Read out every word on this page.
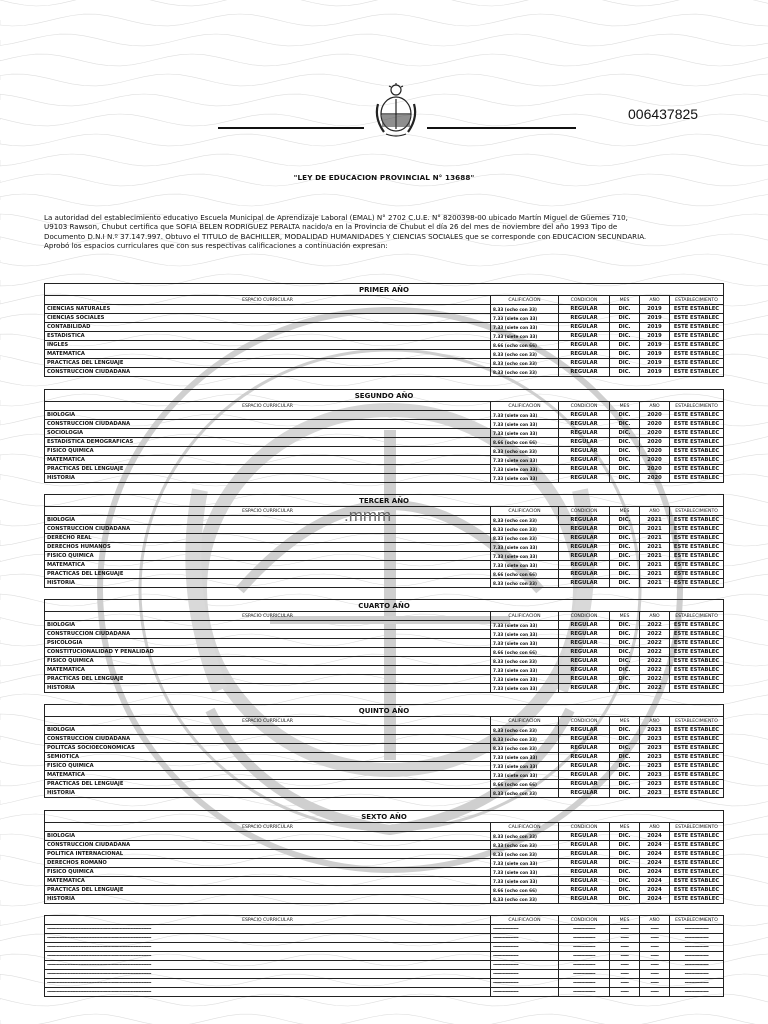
006437825
"LEY DE EDUCACION PROVINCIAL N° 13688"
La autoridad del establecimiento educativo Escuela Municipal de Aprendizaje Laboral (EMAL) N° 2702 C.U.E. N° 8200398-00 ubicado Martín Miguel de Güemes 710,
U9103 Rawson, Chubut certifica que SOFIA BELEN RODRIGUEZ PERALTA nacido/a en la Provincia de Chubut el día 26 del mes de noviembre del año 1993 Tipo de
Documento D.N.I N.º 37.147.997. Obtuvo el TITULO de BACHILLER, MODALIDAD HUMANIDADES Y CIENCIAS SOCIALES que se corresponde con EDUCACION SECUNDARIA.
Aprobó los espacios curriculares que con sus respectivas calificaciones a continuación expresan:
PRIMER AÑO					
ESPACIO CURRICULAR	CALIFICACION	CONDICION	MES	AÑO	ESTABLECIMIENTO
CIENCIAS NATURALES	8.33 (ocho con 33)	REGULAR	DIC.	2019	ESTE ESTABLEC
CIENCIAS SOCIALES	7.33 (siete con 33)	REGULAR	DIC.	2019	ESTE ESTABLEC
CONTABILIDAD	7.33 (siete con 33)	REGULAR	DIC.	2019	ESTE ESTABLEC
ESTADISTICA	7.33 (siete con 33)	REGULAR	DIC.	2019	ESTE ESTABLEC
INGLES	8.66 (ocho con 66)	REGULAR	DIC.	2019	ESTE ESTABLEC
MATEMATICA	8.33 (ocho con 33)	REGULAR	DIC.	2019	ESTE ESTABLEC
PRACTICAS DEL LENGUAJE	8.33 (ocho con 33)	REGULAR	DIC.	2019	ESTE ESTABLEC
CONSTRUCCION CIUDADANA	8.33 (ocho con 33)	REGULAR	DIC.	2019	ESTE ESTABLEC
SEGUNDO AÑO					
ESPACIO CURRICULAR	CALIFICACION	CONDICION	MES	AÑO	ESTABLECIMIENTO
BIOLOGIA	7.33 (siete con 33)	REGULAR	DIC.	2020	ESTE ESTABLEC
CONSTRUCCION CIUDADANA	7.33 (siete con 33)	REGULAR	DIC.	2020	ESTE ESTABLEC
SOCIOLOGIA	7.33 (siete con 33)	REGULAR	DIC.	2020	ESTE ESTABLEC
ESTADISTICA DEMOGRAFICAS	8.66 (ocho con 66)	REGULAR	DIC.	2020	ESTE ESTABLEC
FISICO QUIMICA	8.33 (ocho con 33)	REGULAR	DIC.	2020	ESTE ESTABLEC
MATEMATICA	7.33 (siete con 33)	REGULAR	DIC.	2020	ESTE ESTABLEC
PRACTICAS DEL LENGUAJE	7.33 (siete con 33)	REGULAR	DIC.	2020	ESTE ESTABLEC
HISTORIA	7.33 (siete con 33)	REGULAR	DIC.	2020	ESTE ESTABLEC
TERCER AÑO					
ESPACIO CURRICULAR	CALIFICACION	CONDICION	MES	AÑO	ESTABLECIMIENTO
BIOLOGIA	8.33 (ocho con 33)	REGULAR	DIC.	2021	ESTE ESTABLEC
CONSTRUCCION CIUDADANA	8.33 (ocho con 33)	REGULAR	DIC.	2021	ESTE ESTABLEC
DERECHO REAL	8.33 (ocho con 33)	REGULAR	DIC.	2021	ESTE ESTABLEC
DERECHOS HUMANOS	7.33 (siete con 33)	REGULAR	DIC.	2021	ESTE ESTABLEC
FISICO QUIMICA	7.33 (siete con 33)	REGULAR	DIC.	2021	ESTE ESTABLEC
MATEMATICA	7.33 (siete con 33)	REGULAR	DIC.	2021	ESTE ESTABLEC
PRACTICAS DEL LENGUAJE	8.66 (ocho con 66)	REGULAR	DIC.	2021	ESTE ESTABLEC
HISTORIA	8.33 (ocho con 33)	REGULAR	DIC.	2021	ESTE ESTABLEC
CUARTO AÑO					
ESPACIO CURRICULAR	CALIFICACION	CONDICION	MES	AÑO	ESTABLECIMIENTO
BIOLOGIA	7.33 (siete con 33)	REGULAR	DIC.	2022	ESTE ESTABLEC
CONSTRUCCION CIUDADANA	7.33 (siete con 33)	REGULAR	DIC.	2022	ESTE ESTABLEC
PSICOLOGIA	7.33 (siete con 33)	REGULAR	DIC.	2022	ESTE ESTABLEC
CONSTITUCIONALIDAD Y PENALIDAD	8.66 (ocho con 66)	REGULAR	DIC.	2022	ESTE ESTABLEC
FISICO QUIMICA	8.33 (ocho con 33)	REGULAR	DIC.	2022	ESTE ESTABLEC
MATEMATICA	7.33 (siete con 33)	REGULAR	DIC.	2022	ESTE ESTABLEC
PRACTICAS DEL LENGUAJE	7.33 (siete con 33)	REGULAR	DIC.	2022	ESTE ESTABLEC
HISTORIA	7.33 (siete con 33)	REGULAR	DIC.	2022	ESTE ESTABLEC
QUINTO AÑO					
ESPACIO CURRICULAR	CALIFICACION	CONDICION	MES	AÑO	ESTABLECIMIENTO
BIOLOGIA	8.33 (ocho con 33)	REGULAR	DIC.	2023	ESTE ESTABLEC
CONSTRUCCION CIUDADANA	8.33 (ocho con 33)	REGULAR	DIC.	2023	ESTE ESTABLEC
POLITCAS SOCIOECONOMICAS	8.33 (ocho con 33)	REGULAR	DIC.	2023	ESTE ESTABLEC
SEMIOTICA	7.33 (siete con 33)	REGULAR	DIC.	2023	ESTE ESTABLEC
FISICO QUIMICA	7.33 (siete con 33)	REGULAR	DIC.	2023	ESTE ESTABLEC
MATEMATICA	7.33 (siete con 33)	REGULAR	DIC.	2023	ESTE ESTABLEC
PRACTICAS DEL LENGUAJE	8.66 (ocho con 66)	REGULAR	DIC.	2023	ESTE ESTABLEC
HISTORIA	8.33 (ocho con 33)	REGULAR	DIC.	2023	ESTE ESTABLEC
SEXTO AÑO					
ESPACIO CURRICULAR	CALIFICACION	CONDICION	MES	AÑO	ESTABLECIMIENTO
BIOLOGIA	8.33 (ocho con 33)	REGULAR	DIC.	2024	ESTE ESTABLEC
CONSTRUCCION CIUDADANA	8.33 (ocho con 33)	REGULAR	DIC.	2024	ESTE ESTABLEC
POLITICA INTERNACIONAL	8.33 (ocho con 33)	REGULAR	DIC.	2024	ESTE ESTABLEC
DERECHOS ROMANO	7.33 (siete con 33)	REGULAR	DIC.	2024	ESTE ESTABLEC
FISICO QUIMICA	7.33 (siete con 33)	REGULAR	DIC.	2024	ESTE ESTABLEC
MATEMATICA	7.33 (siete con 33)	REGULAR	DIC.	2024	ESTE ESTABLEC
PRACTICAS DEL LENGUAJE	8.66 (ocho con 66)	REGULAR	DIC.	2024	ESTE ESTABLEC
HISTORIA	8.33 (ocho con 33)	REGULAR	DIC.	2024	ESTE ESTABLEC
ESPACIO CURRICULAR	CALIFICACION	CONDICION	MES	AÑO	ESTABLECIMIENTO
------------------------------------------------------------------	----------------	--------------	-----	-----	---------------
------------------------------------------------------------------	----------------	--------------	-----	-----	---------------
------------------------------------------------------------------	----------------	--------------	-----	-----	---------------
------------------------------------------------------------------	----------------	--------------	-----	-----	---------------
------------------------------------------------------------------	----------------	--------------	-----	-----	---------------
------------------------------------------------------------------	----------------	--------------	-----	-----	---------------
------------------------------------------------------------------	----------------	--------------	-----	-----	---------------
------------------------------------------------------------------	----------------	--------------	-----	-----	---------------
.mmm
